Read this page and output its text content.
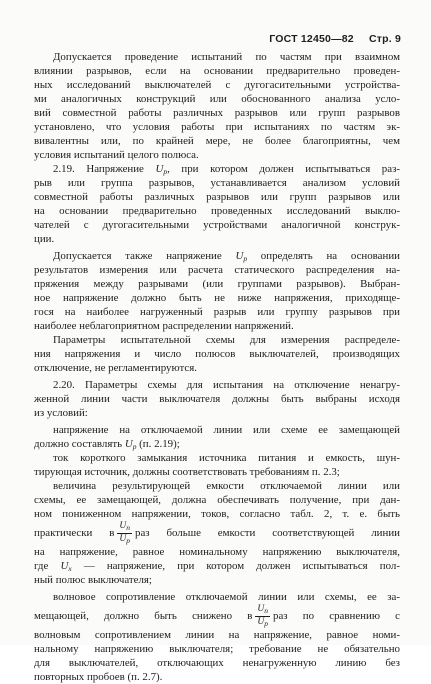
ГОСТ 12450—82 Стр. 9
Допускается проведение испытаний по частям при взаимном
влиянии разрывов, если на основании предварительно проведен-
ных исследований выключателей с дугогасительными устройства-
ми аналогичных конструкций или обоснованного анализа усло-
вий совместной работы различных разрывов или групп разрывов
установлено, что условия работы при испытаниях по частям эк-
вивалентны или, по крайней мере, не более благоприятны, чем
условия испытаний целого полюса.
2.19. Напряжение $U_р$, при котором должен испытываться раз-
рыв или группа разрывов, устанавливается анализом условий
совместной работы различных разрывов или групп разрывов или
на основании предварительно проведенных исследований выклю-
чателей с дугогасительными устройствами аналогичной конструк-
ции.
Допускается также напряжение $U_р$ определять на основании
результатов измерения или расчета статического распределения на-
пряжения между разрывами (или группами разрывов). Выбран-
ное напряжение должно быть не ниже напряжения, приходяще-
гося на наиболее нагруженный разрыв или группу разрывов при
наиболее неблагоприятном распределении напряжений.
Параметры испытательной схемы для измерения распределе-
ния напряжения и число полюсов выключателей, производящих
отключение, не регламентируются.
2.20. Параметры схемы для испытания на отключение ненагру-
женной линии части выключателя должны быть выбраны исходя
из условий:
напряжение на отключаемой линии или схеме ее замещающей
должно составлять $U_р$ (п. 2.19);
ток короткого замыкания источника питания и емкость, шун-
тирующая источник, должны соответствовать требованиям п. 2.3;
величина результирующей емкости отключаемой линии или
схемы, ее замещающей, должна обеспечивать получение, при дан-
ном пониженном напряжении, токов, согласно табл. 2, т. е. быть
практически в $\frac{U_п}{U_р}$ раз больше емкости соответствующей линии
на напряжение, равное номинальному напряжению выключателя,
где $U_х$ — напряжение, при котором должен испытываться пол-
ный полюс выключателя;
волновое сопротивление отключаемой линии или схемы, ее за-
мещающей, должно быть снижено в $\frac{U_п}{U_р}$ раз по сравнению с
волновым сопротивлением линии на напряжение, равное номи-
нальному напряжению выключателя; требование не обязательно
для выключателей, отключающих ненагруженную линию без
повторных пробоев (п. 2.7).
